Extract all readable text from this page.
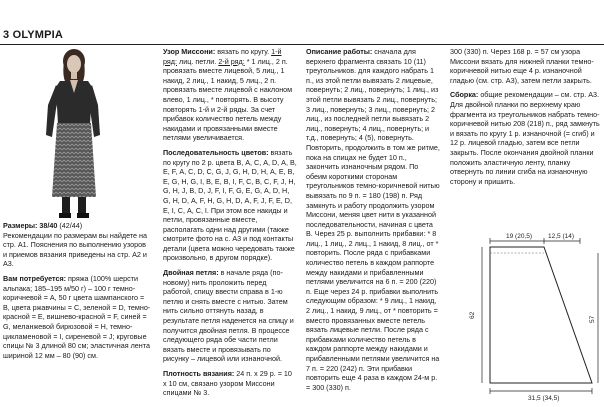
3 OLYMPIA

Размеры: 38/40 (42/44)

Рекомендации по размерам вы найдете на стр. А1. Пояснения по выполнению узоров и приемов вязания приведены на стр. А2 и А3.

Вам потребуется: пряжа (100% шерсти альпака; 185–195 м/50 г) – 100 г темно-коричневой = А, 50 г цвета шампанского = В, цвета ржавчины = С, зеленой = D, темно-красной = Е, вишнево-красной = F, синей = G, меланжевой бирюзовой = Н, темно-цикламеновой = I, сиреневой = J; круговые спицы № 3 длиной 80 см; эластичная лента шириной 12 мм – 80 (90) см.

Узор Миссони: вязать по кругу. 1-й ряд: лиц. петли. 2-й ряд: * 1 лиц., 2 п. провязать вместе лицевой, 5 лиц., 1 накид, 2 лиц., 1 накид, 5 лиц., 2 п. провязать вместе лицевой с наклоном влево, 1 лиц., * повторять. В высоту повторять 1-й и 2-й ряды. За счет прибавок количество петель между накидами и провязанными вместе петлями увеличивается.

Последовательность цветов: вязать по кругу по 2 р. цвета В, А, С, А, D, А, В, Е, F, А, С, D, С, G, J, G, H, D, H, А, Е, В, Е, G, H, G, I, В, Е, В, I, F, С, В, С, F, J, H, G, H, J, В, D, J, F, I, F, G, Е, G, А, D, H, G, H, D, А, F, H, G, H, D, А, F, J, F, Е, D, Е, I, С, А, С, I. При этом все накиды и петли, провязанные вместе, располагать одни над другими (также смотрите фото на с. А3 и под контакты детали (цвета можно чередовать также произвольно, в другом порядке).

Двойная петля: в начале ряда (по-новому) нить проложить перед работой, спицу ввести справа в 1-ю петлю и снять вместе с нитью. Затем нить сильно оттянуть назад, в результате петля наденется на спицу и получится двойная петля. В процессе следующего ряда обе части петли вязать вместе и провязывать по рисунку – лицевой или изнаночной.

Плотность вязания: 24 п. х 29 р. = 10 х 10 см, связано узором Миссони спицами № 3.

Описание работы: сначала для верхнего фрагмента связать 10 (11) треугольников. для каждого набрать 1 п., из этой петли вывязать 2 лицевые, повернуть; 2 лиц., повернуть; 1 лиц., из этой петли вывязать 2 лиц., повернуть; 3 лиц., повернуть; 3 лиц., повернуть; 2 лиц., из последней петли вывязать 2 лиц., повернуть; 4 лиц., повернуть; и т.д., повернуть; 4 (5), повернуть. Повторить, продолжить в том же ритме, пока на спицах не будет 10 п., закончить изнаночным рядом. По обеим короткими сторонам треугольников темно-коричневой нитью вывязать по 9 п. = 180 (198) п. Ряд замкнуть и работу продолжить узором Миссони, меняя цвет нити в указанной последовательности, начиная с цвета В. Через 25 р. выполнить прибавки: * 8 лиц., 1 лиц., 2 лиц., 1 накид, 8 лиц., от * повторить. После ряда с прибавками количество петель в каждом раппорте между накидами и прибавленными петлями увеличится на 6 п. = 200 (220) п. Еще через 24 р. прибавки выполнить следующим образом: * 9 лиц., 1 накид, 2 лиц., 1 накид, 9 лиц., от * повторить = вместо провязанных вместе петель вязать лицевые петли. После ряда с прибавками количество петель в каждом раппорте между накидами и прибавленными петлями увеличится на 7 п. = 220 (242) п. Эти прибавки повторить еще 4 раза в каждом 24-м р. = 300 (330) п.

300 (330) п. Через 168 р. = 57 см узора Миссони вязать для нижней планки темно-коричневой нитью еще 4 р. изнаночной гладью (см. стр. А3), затем петли закрыть.

Сборка: общие рекомендации – см. стр. А3. Для двойной планки по верхнему краю фрагмента из треугольников набрать темно-коричневой нитью 208 (218) п., ряд замкнуть и вязать по кругу 1 р. изнаночной (= сгиб) и 12 р. лицевой гладью, затем все петли закрыть. После окончания двойной планки положить эластичную ленту, планку отвернуть по линии сгиба на изнаночную сторону и пришить.

19 (20,5) 12,5 (14)
62
57
31,5 (34,5)
